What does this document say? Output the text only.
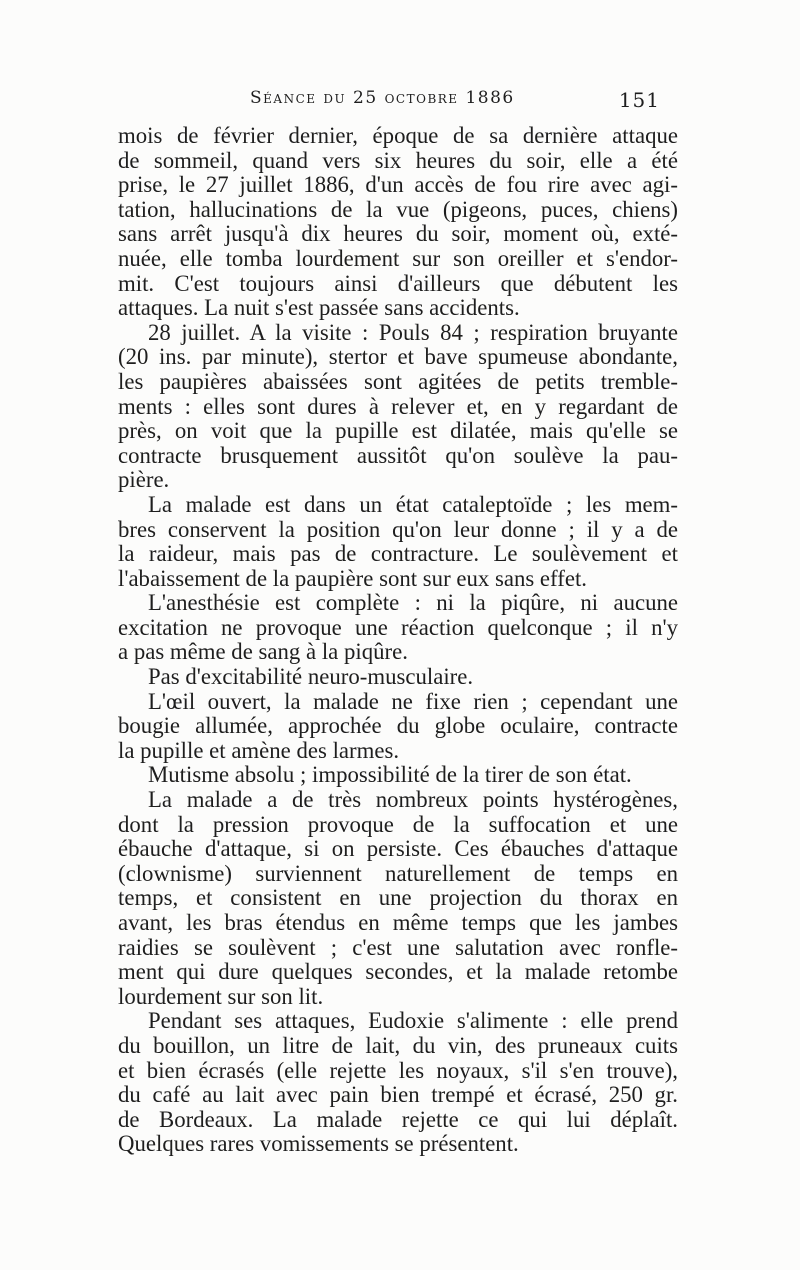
Séance du 25 octobre 1886	151
mois de février dernier, époque de sa dernière attaque
de sommeil, quand vers six heures du soir, elle a été
prise, le 27 juillet 1886, d'un accès de fou rire avec agi-
tation, hallucinations de la vue (pigeons, puces, chiens)
sans arrêt jusqu'à dix heures du soir, moment où, exté-
nuée, elle tomba lourdement sur son oreiller et s'endor-
mit. C'est toujours ainsi d'ailleurs que débutent les
attaques. La nuit s'est passée sans accidents.
28 juillet. A la visite : Pouls 84 ; respiration bruyante
(20 ins. par minute), stertor et bave spumeuse abondante,
les paupières abaissées sont agitées de petits tremble-
ments : elles sont dures à relever et, en y regardant de
près, on voit que la pupille est dilatée, mais qu'elle se
contracte brusquement aussitôt qu'on soulève la pau-
pière.
La malade est dans un état cataleptoïde ; les mem-
bres conservent la position qu'on leur donne ; il y a de
la raideur, mais pas de contracture. Le soulèvement et
l'abaissement de la paupière sont sur eux sans effet.
L'anesthésie est complète : ni la piqûre, ni aucune
excitation ne provoque une réaction quelconque ; il n'y
a pas même de sang à la piqûre.
Pas d'excitabilité neuro-musculaire.
L'œil ouvert, la malade ne fixe rien ; cependant une
bougie allumée, approchée du globe oculaire, contracte
la pupille et amène des larmes.
Mutisme absolu ; impossibilité de la tirer de son état.
La malade a de très nombreux points hystérogènes,
dont la pression provoque de la suffocation et une
ébauche d'attaque, si on persiste. Ces ébauches d'attaque
(clownisme) surviennent naturellement de temps en
temps, et consistent en une projection du thorax en
avant, les bras étendus en même temps que les jambes
raidies se soulèvent ; c'est une salutation avec ronfle-
ment qui dure quelques secondes, et la malade retombe
lourdement sur son lit.
Pendant ses attaques, Eudoxie s'alimente : elle prend
du bouillon, un litre de lait, du vin, des pruneaux cuits
et bien écrasés (elle rejette les noyaux, s'il s'en trouve),
du café au lait avec pain bien trempé et écrasé, 250 gr.
de Bordeaux. La malade rejette ce qui lui déplaît.
Quelques rares vomissements se présentent.
